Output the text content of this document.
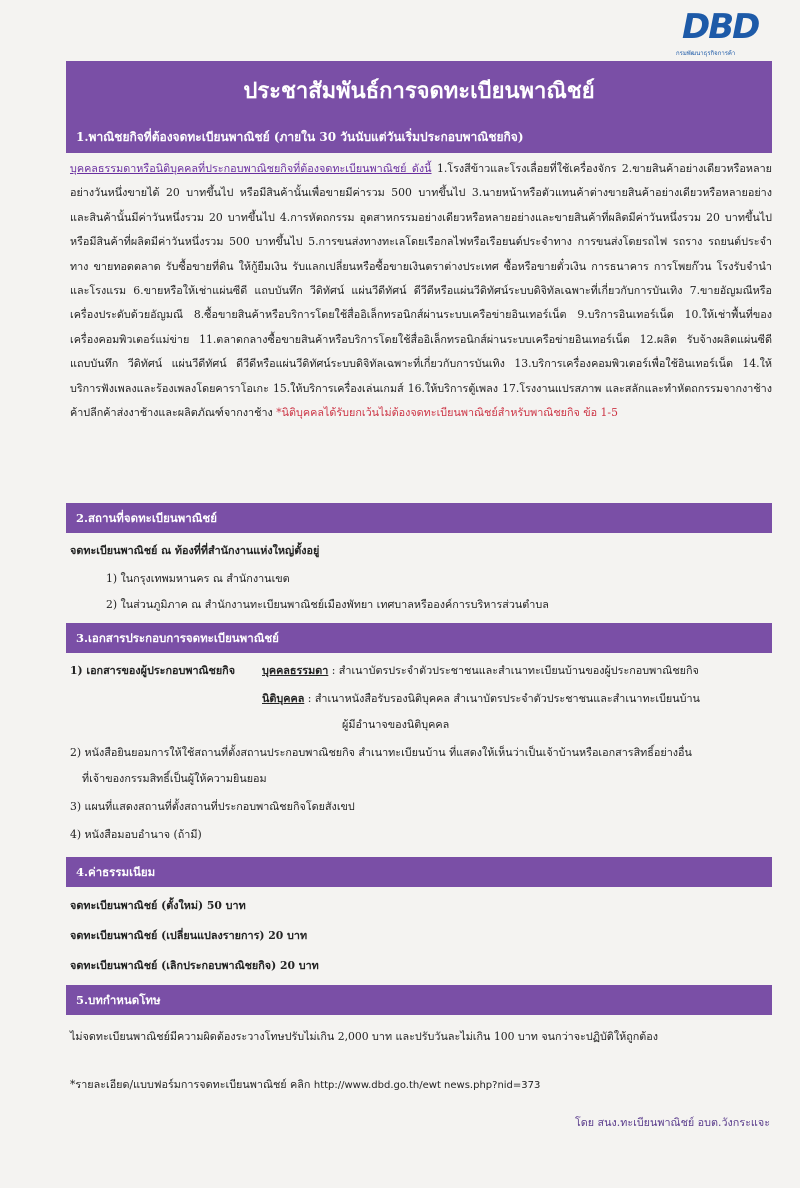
DBD
กรมพัฒนาธุรกิจการค้า
ประชาสัมพันธ์การจดทะเบียนพาณิชย์
1.พาณิชยกิจที่ต้องจดทะเบียนพาณิชย์ (ภายใน 30 วันนับแต่วันเริ่มประกอบพาณิชยกิจ)

บุคคลธรรมดาหรือนิติบุคคลที่ประกอบพาณิชยกิจที่ต้องจดทะเบียนพาณิชย์ ดังนี้ 1.โรงสีข้าวและโรงเลื่อยที่ใช้เครื่องจักร 2.ขายสินค้าอย่างเดียวหรือหลายอย่างวันหนึ่งขายได้ 20 บาทขึ้นไป หรือมีสินค้านั้นเพื่อขายมีค่ารวม 500 บาทขึ้นไป 3.นายหน้าหรือตัวแทนค้าต่างขายสินค้าอย่างเดียวหรือหลายอย่างและสินค้านั้นมีค่าวันหนึ่งรวม 20 บาทขึ้นไป 4.การหัตถกรรม อุตสาหกรรมอย่างเดียวหรือหลายอย่างและขายสินค้าที่ผลิตมีค่าวันหนึ่งรวม 20 บาทขึ้นไปหรือมีสินค้าที่ผลิตมีค่าวันหนึ่งรวม 500 บาทขึ้นไป 5.การขนส่งทางทะเลโดยเรือกลไฟหรือเรือยนต์ประจำทาง การขนส่งโดยรถไฟ รถราง รถยนต์ประจำทาง ขายทอดตลาด รับซื้อขายที่ดิน ให้กู้ยืมเงิน รับแลกเปลี่ยนหรือซื้อขายเงินตราต่างประเทศ ซื้อหรือขายตั๋วเงิน การธนาคาร การโพยก๊วน โรงรับจำนำและโรงแรม 6.ขายหรือให้เช่าแผ่นซีดี แถบบันทึก วีดิทัศน์ แผ่นวีดีทัศน์ ดีวีดีหรือแผ่นวีดิทัศน์ระบบดิจิทัลเฉพาะที่เกี่ยวกับการบันเทิง 7.ขายอัญมณีหรือเครื่องประดับด้วยอัญมณี 8.ซื้อขายสินค้าหรือบริการโดยใช้สื่ออิเล็กทรอนิกส์ผ่านระบบเครือข่ายอินเทอร์เน็ต 9.บริการอินเทอร์เน็ต 10.ให้เช่าพื้นที่ของเครื่องคอมพิวเตอร์แม่ข่าย 11.ตลาดกลางซื้อขายสินค้าหรือบริการโดยใช้สื่ออิเล็กทรอนิกส์ผ่านระบบเครือข่ายอินเทอร์เน็ต 12.ผลิต รับจ้างผลิตแผ่นซีดี แถบบันทึก วีดิทัศน์ แผ่นวีดีทัศน์ ดีวีดีหรือแผ่นวีดิทัศน์ระบบดิจิทัลเฉพาะที่เกี่ยวกับการบันเทิง 13.บริการเครื่องคอมพิวเตอร์เพื่อใช้อินเทอร์เน็ต 14.ให้บริการฟังเพลงและร้องเพลงโดยคาราโอเกะ 15.ให้บริการเครื่องเล่นเกมส์ 16.ให้บริการตู้เพลง 17.โรงงานแปรสภาพ และสลักและทำหัตถกรรมจากงาช้าง ค้าปลีกค้าส่งงาช้างและผลิตภัณฑ์จากงาช้าง *นิติบุคคลได้รับยกเว้นไม่ต้องจดทะเบียนพาณิชย์สำหรับพาณิชยกิจ ข้อ 1-5

2.สถานที่จดทะเบียนพาณิชย์

จดทะเบียนพาณิชย์ ณ ท้องที่ที่สำนักงานแห่งใหญ่ตั้งอยู่

1) ในกรุงเทพมหานคร ณ สำนักงานเขต

2) ในส่วนภูมิภาค ณ สำนักงานทะเบียนพาณิชย์เมืองพัทยา เทศบาลหรือองค์การบริหารส่วนตำบล

3.เอกสารประกอบการจดทะเบียนพาณิชย์

1) เอกสารของผู้ประกอบพาณิชยกิจ บุคคลธรรมดา : สำเนาบัตรประจำตัวประชาชนและสำเนาทะเบียนบ้านของผู้ประกอบพาณิชยกิจ

นิติบุคคล : สำเนาหนังสือรับรองนิติบุคคล สำเนาบัตรประจำตัวประชาชนและสำเนาทะเบียนบ้าน

ผู้มีอำนาจของนิติบุคคล

2) หนังสือยินยอมการให้ใช้สถานที่ตั้งสถานประกอบพาณิชยกิจ สำเนาทะเบียนบ้าน ที่แสดงให้เห็นว่าเป็นเจ้าบ้านหรือเอกสารสิทธิ์อย่างอื่น

ที่เจ้าของกรรมสิทธิ์เป็นผู้ให้ความยินยอม

3) แผนที่แสดงสถานที่ตั้งสถานที่ประกอบพาณิชยกิจโดยสังเขป

4) หนังสือมอบอำนาจ (ถ้ามี)

4.ค่าธรรมเนียม

จดทะเบียนพาณิชย์ (ตั้งใหม่) 50 บาท

จดทะเบียนพาณิชย์ (เปลี่ยนแปลงรายการ) 20 บาท

จดทะเบียนพาณิชย์ (เลิกประกอบพาณิชยกิจ) 20 บาท

5.บทกำหนดโทษ

ไม่จดทะเบียนพาณิชย์มีความผิดต้องระวางโทษปรับไม่เกิน 2,000 บาท และปรับวันละไม่เกิน 100 บาท จนกว่าจะปฏิบัติให้ถูกต้อง

*รายละเอียด/แบบฟอร์มการจดทะเบียนพาณิชย์ คลิก http://www.dbd.go.th/ewt news.php?nid=373

โดย สนง.ทะเบียนพาณิชย์ อบต.วังกระแจะ
